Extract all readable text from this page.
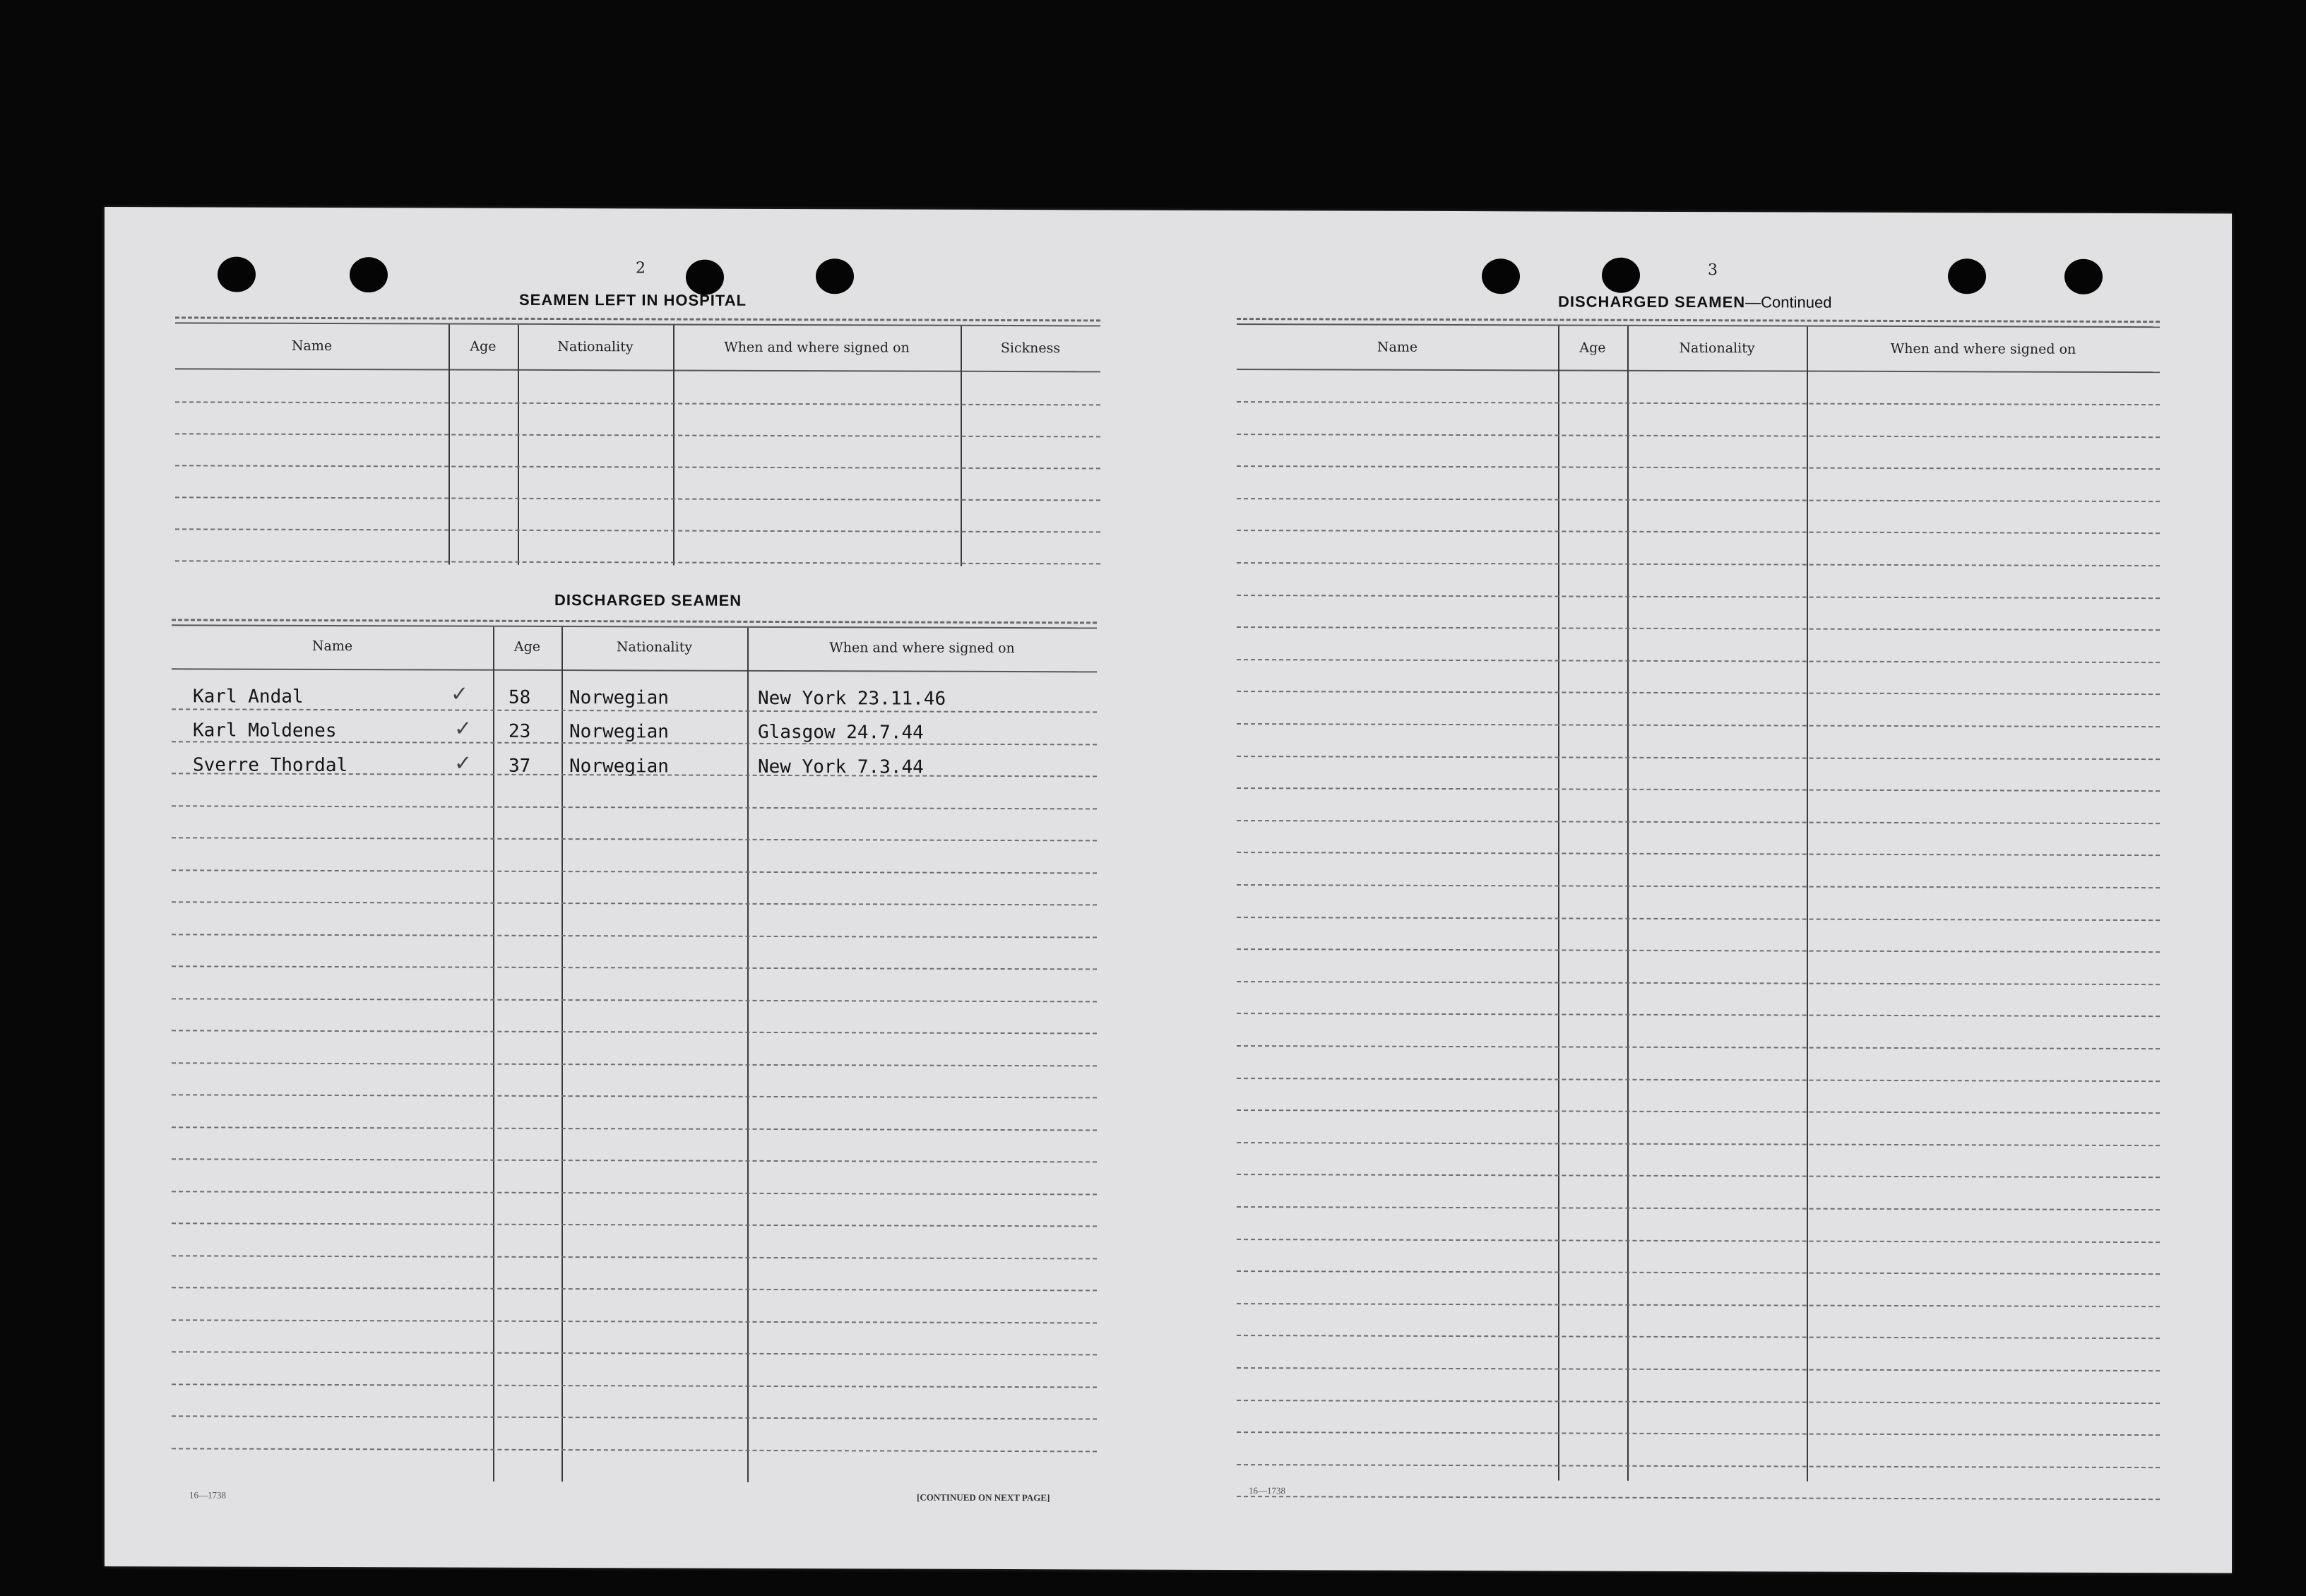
2
SEAMEN LEFT IN HOSPITAL
Name	Age	Nationality	When and where signed on	Sickness
DISCHARGED SEAMEN
Name	Age	Nationality	When and where signed on
Karl Andal	✓ 58 Norwegian	New York 23.11.46
Karl Moldenes	✓ 23 Norwegian	Glasgow 24.7.44
Sverre Thordal	✓ 37 Norwegian	New York 7.3.44
16—1738	[CONTINUED ON NEXT PAGE]
3
DISCHARGED SEAMEN—Continued
Name	Age	Nationality	When and where signed on
16—1738
